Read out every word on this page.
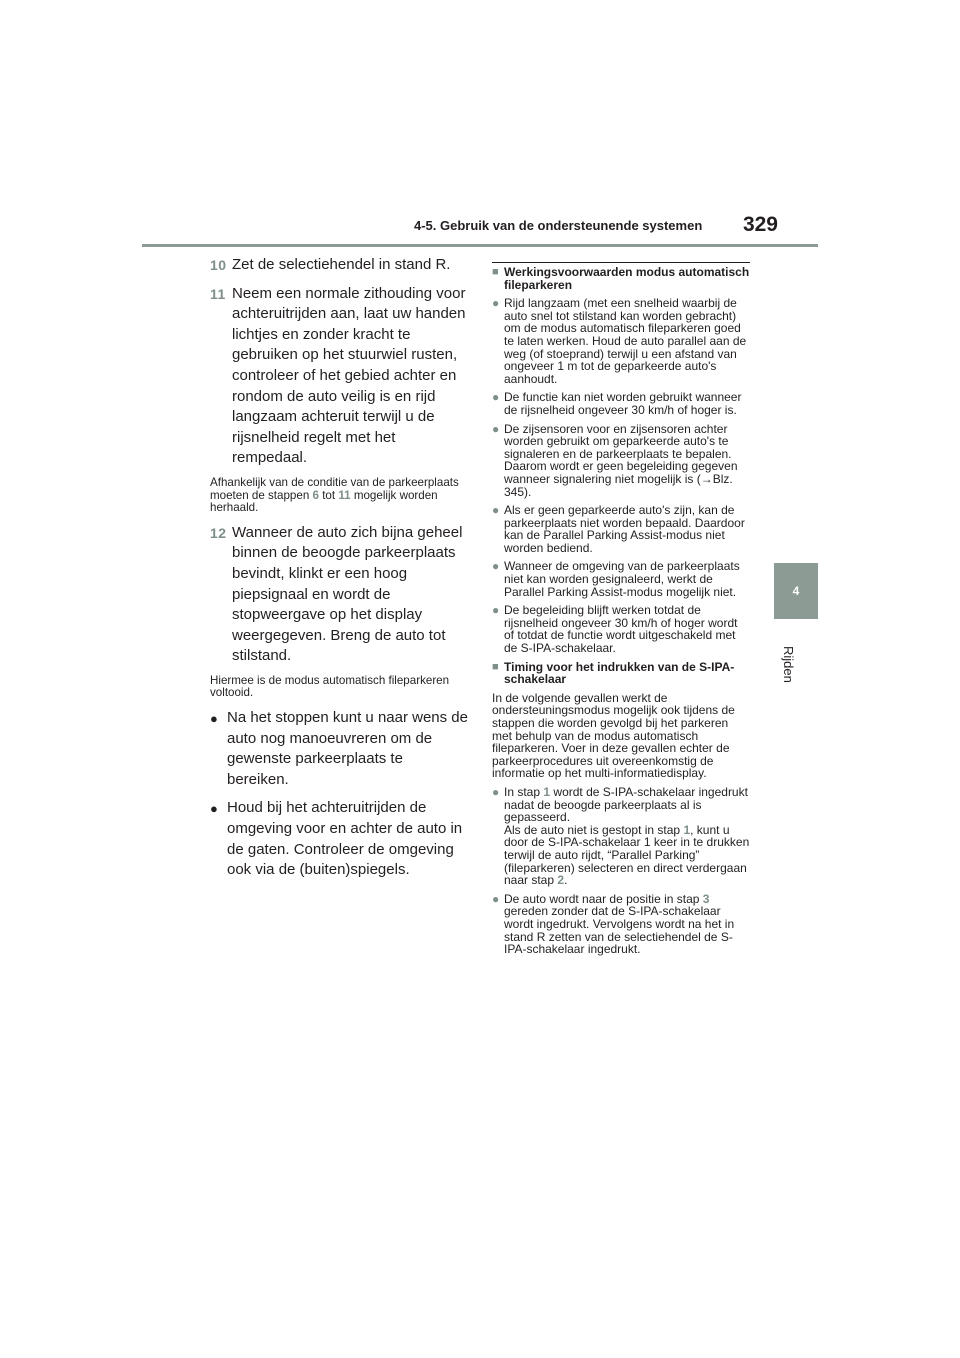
4-5. Gebruik van de ondersteunende systemen	329
4
Rijden
10 Zet de selectiehendel in stand R.
11 Neem een normale zithouding voor achteruitrijden aan, laat uw handen lichtjes en zonder kracht te gebruiken op het stuurwiel rusten, controleer of het gebied achter en rondom de auto veilig is en rijd langzaam achteruit terwijl u de rijsnelheid regelt met het rempedaal.
Afhankelijk van de conditie van de parkeerplaats moeten de stappen 6 tot 11 mogelijk worden herhaald.
12 Wanneer de auto zich bijna geheel binnen de beoogde parkeerplaats bevindt, klinkt er een hoog piepsignaal en wordt de stopweergave op het display weergegeven. Breng de auto tot stilstand.
Hiermee is de modus automatisch fileparkeren voltooid.
● Na het stoppen kunt u naar wens de auto nog manoeuvreren om de gewenste parkeerplaats te bereiken.
● Houd bij het achteruitrijden de omgeving voor en achter de auto in de gaten. Controleer de omgeving ook via de (buiten)spiegels.
■ Werkingsvoorwaarden modus automatisch fileparkeren
● Rijd langzaam (met een snelheid waarbij de auto snel tot stilstand kan worden gebracht) om de modus automatisch fileparkeren goed te laten werken. Houd de auto parallel aan de weg (of stoeprand) terwijl u een afstand van ongeveer 1 m tot de geparkeerde auto's aanhoudt.
● De functie kan niet worden gebruikt wanneer de rijsnelheid ongeveer 30 km/h of hoger is.
● De zijsensoren voor en zijsensoren achter worden gebruikt om geparkeerde auto's te signaleren en de parkeerplaats te bepalen. Daarom wordt er geen begeleiding gegeven wanneer signalering niet mogelijk is (→Blz. 345).
● Als er geen geparkeerde auto's zijn, kan de parkeerplaats niet worden bepaald. Daardoor kan de Parallel Parking Assist-modus niet worden bediend.
● Wanneer de omgeving van de parkeerplaats niet kan worden gesignaleerd, werkt de Parallel Parking Assist-modus mogelijk niet.
● De begeleiding blijft werken totdat de rijsnelheid ongeveer 30 km/h of hoger wordt of totdat de functie wordt uitgeschakeld met de S-IPA-schakelaar.
■ Timing voor het indrukken van de S-IPA-schakelaar
In de volgende gevallen werkt de ondersteuningsmodus mogelijk ook tijdens de stappen die worden gevolgd bij het parkeren met behulp van de modus automatisch fileparkeren. Voer in deze gevallen echter de parkeerprocedures uit overeenkomstig de informatie op het multi-informatiedisplay.
● In stap 1 wordt de S-IPA-schakelaar ingedrukt nadat de beoogde parkeerplaats al is gepasseerd.
Als de auto niet is gestopt in stap 1, kunt u door de S-IPA-schakelaar 1 keer in te drukken terwijl de auto rijdt, “Parallel Parking” (fileparkeren) selecteren en direct verdergaan naar stap 2.
● De auto wordt naar de positie in stap 3 gereden zonder dat de S-IPA-schakelaar wordt ingedrukt. Vervolgens wordt na het in stand R zetten van de selectiehendel de S-IPA-schakelaar ingedrukt.
